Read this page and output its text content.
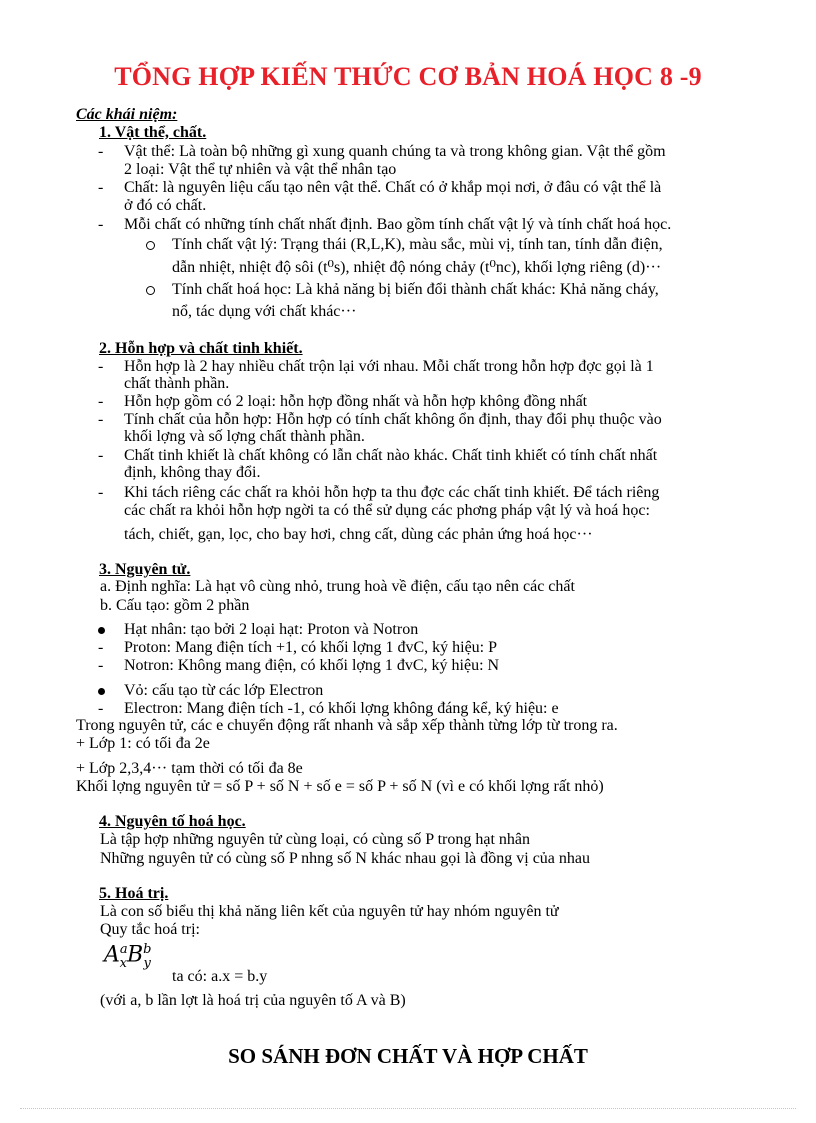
TỔNG HỢP KIẾN THỨC CƠ BẢN HOÁ HỌC 8 -9
Các khái niệm:
1. Vật thể, chất.
- Vật thể: Là toàn bộ những gì xung quanh chúng ta và trong không gian. Vật thể gồm
2 loại: Vật thể tự nhiên và vật thể nhân tạo
- Chất: là nguyên liệu cấu tạo nên vật thể. Chất có ở khắp mọi nơi, ở đâu có vật thể là
ở đó có chất.
- Mỗi chất có những tính chất nhất định. Bao gồm tính chất vật lý và tính chất hoá học.
Tính chất vật lý: Trạng thái (R,L,K), màu sắc, mùi vị, tính tan, tính dẫn điện,
dẫn nhiệt, nhiệt độ sôi (t⁰s), nhiệt độ nóng chảy (t⁰nc), khối lợng riêng (d)···
Tính chất hoá học: Là khả năng bị biến đổi thành chất khác: Khả năng cháy,
nổ, tác dụng với chất khác···
2. Hỗn hợp và chất tinh khiết.
- Hỗn hợp là 2 hay nhiều chất trộn lại với nhau. Mỗi chất trong hỗn hợp đợc gọi là 1
chất thành phần.
- Hỗn hợp gồm có 2 loại: hỗn hợp đồng nhất và hỗn hợp không đồng nhất
- Tính chất của hỗn hợp: Hỗn hợp có tính chất không ổn định, thay đổi phụ thuộc vào
khối lợng và số lợng chất thành phần.
- Chất tinh khiết là chất không có lẫn chất nào khác. Chất tinh khiết có tính chất nhất
định, không thay đổi.
- Khi tách riêng các chất ra khỏi hỗn hợp ta thu đợc các chất tinh khiết. Để tách riêng
các chất ra khỏi hỗn hợp ngời ta có thể sử dụng các phơng pháp vật lý và hoá học:
tách, chiết, gạn, lọc, cho bay hơi, chng cất, dùng các phản ứng hoá học···
3. Nguyên tử.
a. Định nghĩa: Là hạt vô cùng nhỏ, trung hoà về điện, cấu tạo nên các chất
b. Cấu tạo: gồm 2 phần
Hạt nhân: tạo bởi 2 loại hạt: Proton và Notron
- Proton: Mang điện tích +1, có khối lợng 1 đvC, ký hiệu: P
- Notron: Không mang điện, có khối lợng 1 đvC, ký hiệu: N
Vỏ: cấu tạo từ các lớp Electron
- Electron: Mang điện tích -1, có khối lợng không đáng kể, ký hiệu: e
Trong nguyên tử, các e chuyển động rất nhanh và sắp xếp thành từng lớp từ trong ra.
+ Lớp 1: có tối đa 2e
+ Lớp 2,3,4··· tạm thời có tối đa 8e
Khối lợng nguyên tử = số P + số N + số e = số P + số N (vì e có khối lợng rất nhỏ)
4. Nguyên tố hoá học.
Là tập hợp những nguyên tử cùng loại, có cùng số P trong hạt nhân
Những nguyên tử có cùng số P nhng số N khác nhau gọi là đồng vị của nhau
5. Hoá trị.
Là con số biểu thị khả năng liên kết của nguyên tử hay nhóm nguyên tử
Quy tắc hoá trị:
$A^a_xB^b_y$
ta có: a.x = b.y
(với a, b lần lợt là hoá trị của nguyên tố A và B)
SO SÁNH ĐƠN CHẤT VÀ HỢP CHẤT
